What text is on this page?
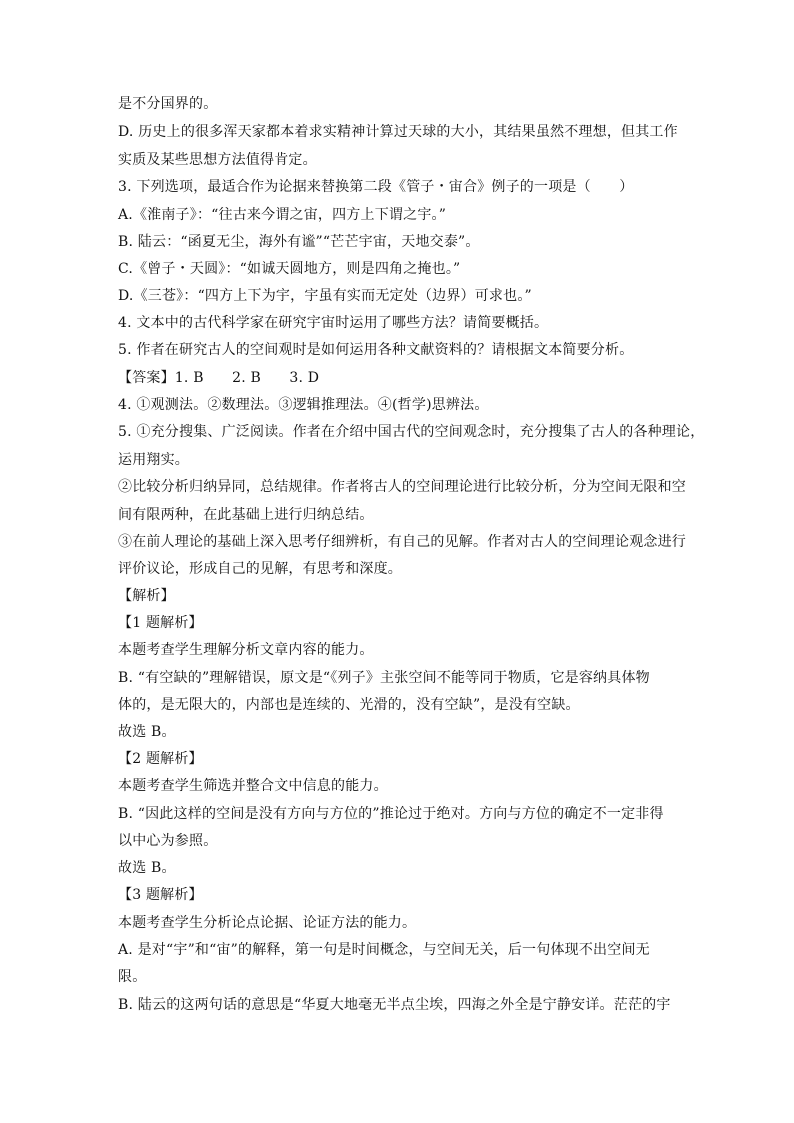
是不分国界的。
D. 历史上的很多浑天家都本着求实精神计算过天球的大小，其结果虽然不理想，但其工作
实质及某些思想方法值得肯定。
3. 下列选项，最适合作为论据来替换第二段《管子・宙合》例子的一项是（　　）
A.《淮南子》：“往古来今谓之宙，四方上下谓之宇。”
B. 陆云：“函夏无尘，海外有谧”“芒芒宇宙，天地交泰”。
C.《曾子・天圆》：“如诚天圆地方，则是四角之掩也。”
D.《三苍》：“四方上下为宇，宇虽有实而无定处（边界）可求也。”
4. 文本中的古代科学家在研究宇宙时运用了哪些方法？请简要概括。
5. 作者在研究古人的空间观时是如何运用各种文献资料的？请根据文本简要分析。
【答案】1. B　　2. B　　3. D
4. ①观测法。②数理法。③逻辑推理法。④(哲学)思辨法。
5. ①充分搜集、广泛阅读。作者在介绍中国古代的空间观念时，充分搜集了古人的各种理论，
运用翔实。
②比较分析归纳异同，总结规律。作者将古人的空间理论进行比较分析，分为空间无限和空
间有限两种，在此基础上进行归纳总结。
③在前人理论的基础上深入思考仔细辨析，有自己的见解。作者对古人的空间理论观念进行
评价议论，形成自己的见解，有思考和深度。
【解析】
【1 题解析】
本题考查学生理解分析文章内容的能力。
B. “有空缺的”理解错误，原文是“《列子》主张空间不能等同于物质，它是容纳具体物
体的，是无限大的，内部也是连续的、光滑的，没有空缺”，是没有空缺。
故选 B。
【2 题解析】
本题考查学生筛选并整合文中信息的能力。
B. “因此这样的空间是没有方向与方位的”推论过于绝对。方向与方位的确定不一定非得
以中心为参照。
故选 B。
【3 题解析】
本题考查学生分析论点论据、论证方法的能力。
A. 是对“宇”和“宙”的解释，第一句是时间概念，与空间无关，后一句体现不出空间无
限。
B. 陆云的这两句话的意思是“华夏大地毫无半点尘埃，四海之外全是宁静安详。茫茫的宇
